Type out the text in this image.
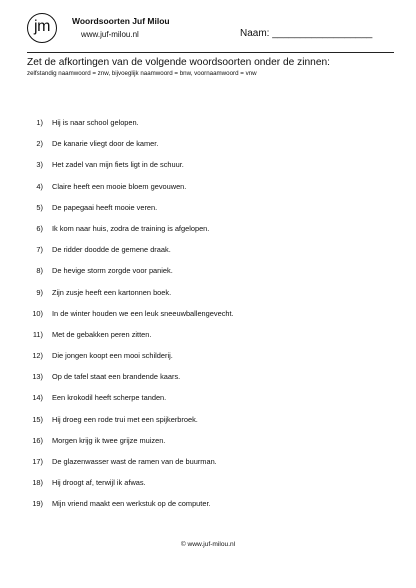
jm	Woordsoorten Juf Milou
www.juf-milou.nl	Naam: __________________
Zet de afkortingen van de volgende woordsoorten onder de zinnen:
zelfstandig naamwoord = znw, bijvoeglijk naamwoord = bnw, voornaamwoord = vnw
1) Hij is naar school gelopen.
2) De kanarie vliegt door de kamer.
3) Het zadel van mijn fiets ligt in de schuur.
4) Claire heeft een mooie bloem gevouwen.
5) De papegaai heeft mooie veren.
6) Ik kom naar huis, zodra de training is afgelopen.
7) De ridder doodde de gemene draak.
8) De hevige storm zorgde voor paniek.
9) Zijn zusje heeft een kartonnen boek.
10) In de winter houden we een leuk sneeuwballengevecht.
11) Met de gebakken peren zitten.
12) Die jongen koopt een mooi schilderij.
13) Op de tafel staat een brandende kaars.
14) Een krokodil heeft scherpe tanden.
15) Hij droeg een rode trui met een spijkerbroek.
16) Morgen krijg ik twee grijze muizen.
17) De glazenwasser wast de ramen van de buurman.
18) Hij droogt af, terwijl ik afwas.
19) Mijn vriend maakt een werkstuk op de computer.
© www.juf-milou.nl
